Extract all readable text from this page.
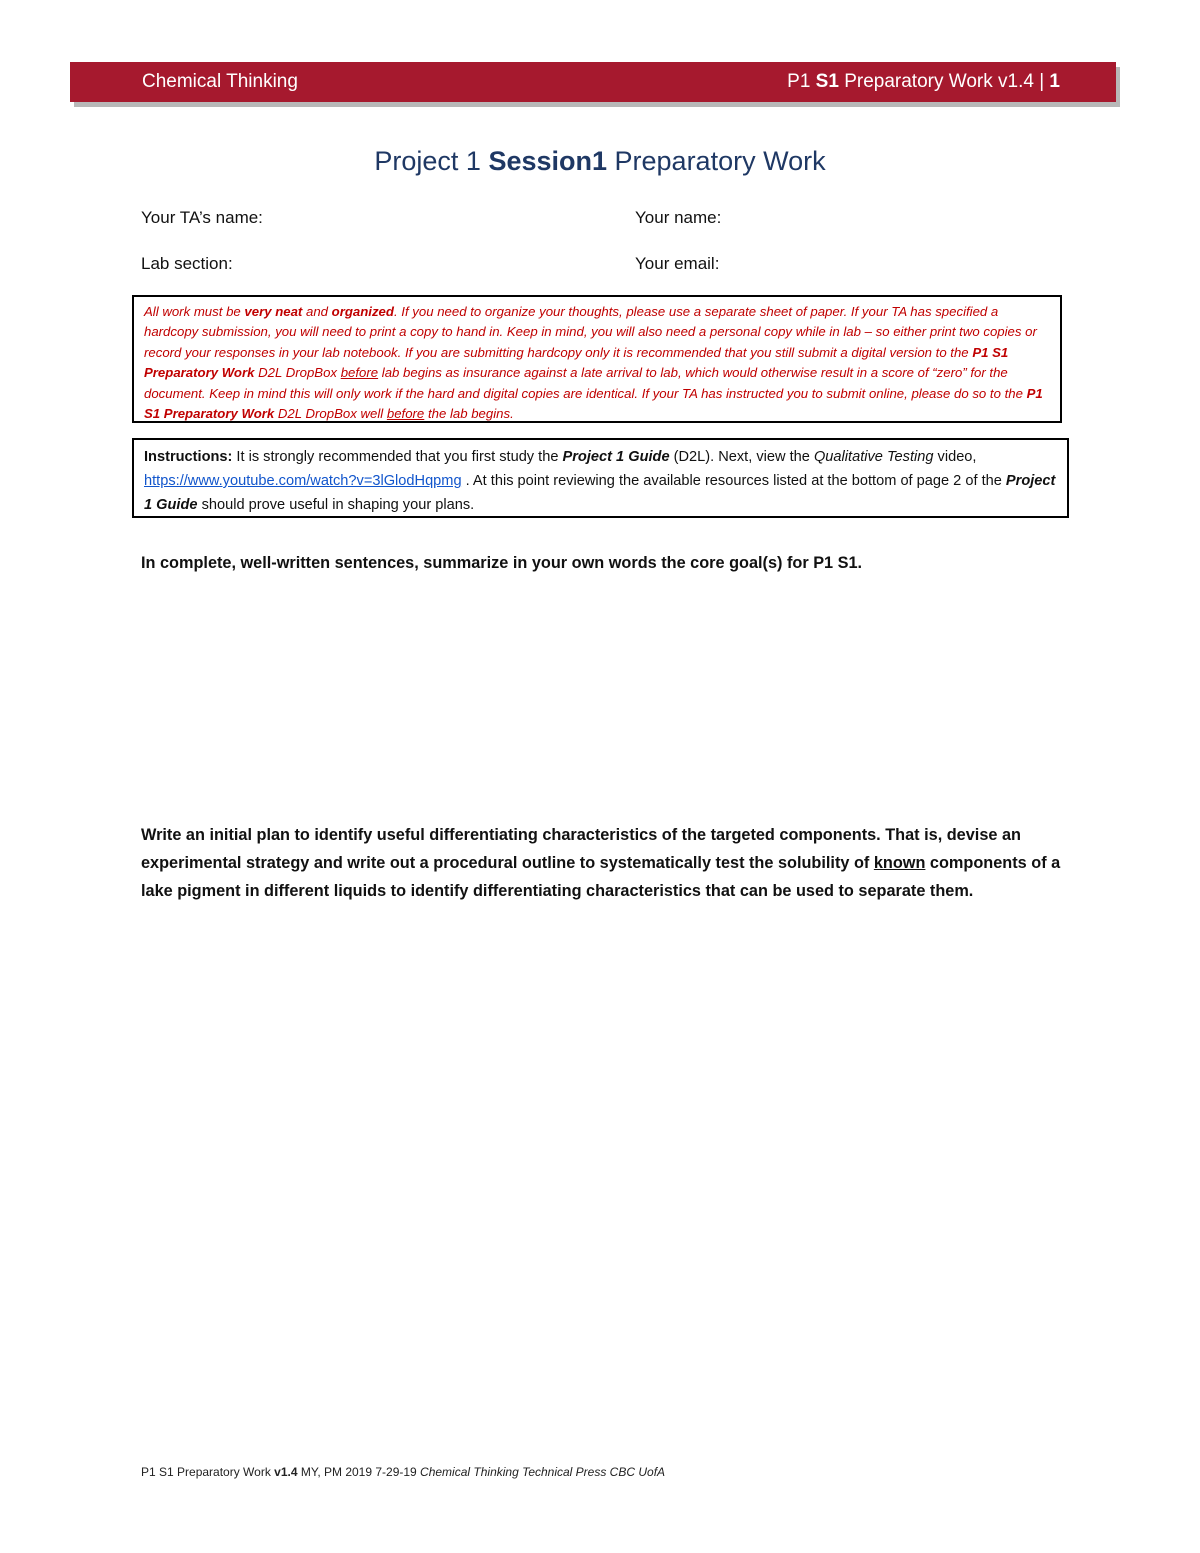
Chemical Thinking	P1 S1 Preparatory Work v1.4 | 1
Project 1 Session1 Preparatory Work
Your TA’s name:	Your name:
Lab section:	Your email:
All work must be very neat and organized. If you need to organize your thoughts, please use a separate sheet of paper. If your TA has specified a hardcopy submission, you will need to print a copy to hand in. Keep in mind, you will also need a personal copy while in lab – so either print two copies or record your responses in your lab notebook. If you are submitting hardcopy only it is recommended that you still submit a digital version to the P1 S1 Preparatory Work D2L DropBox before lab begins as insurance against a late arrival to lab, which would otherwise result in a score of “zero” for the document. Keep in mind this will only work if the hard and digital copies are identical. If your TA has instructed you to submit online, please do so to the P1 S1 Preparatory Work D2L DropBox well before the lab begins.
Instructions: It is strongly recommended that you first study the Project 1 Guide (D2L). Next, view the Qualitative Testing video,
https://www.youtube.com/watch?v=3lGlodHqpmg . At this point reviewing the available resources listed at the bottom of page 2 of the Project 1 Guide should prove useful in shaping your plans.
In complete, well-written sentences, summarize in your own words the core goal(s) for P1 S1.
Write an initial plan to identify useful differentiating characteristics of the targeted components. That is, devise an experimental strategy and write out a procedural outline to systematically test the solubility of known components of a lake pigment in different liquids to identify differentiating characteristics that can be used to separate them.
P1 S1 Preparatory Work v1.4 MY, PM 2019 7-29-19 Chemical Thinking Technical Press CBC UofA
